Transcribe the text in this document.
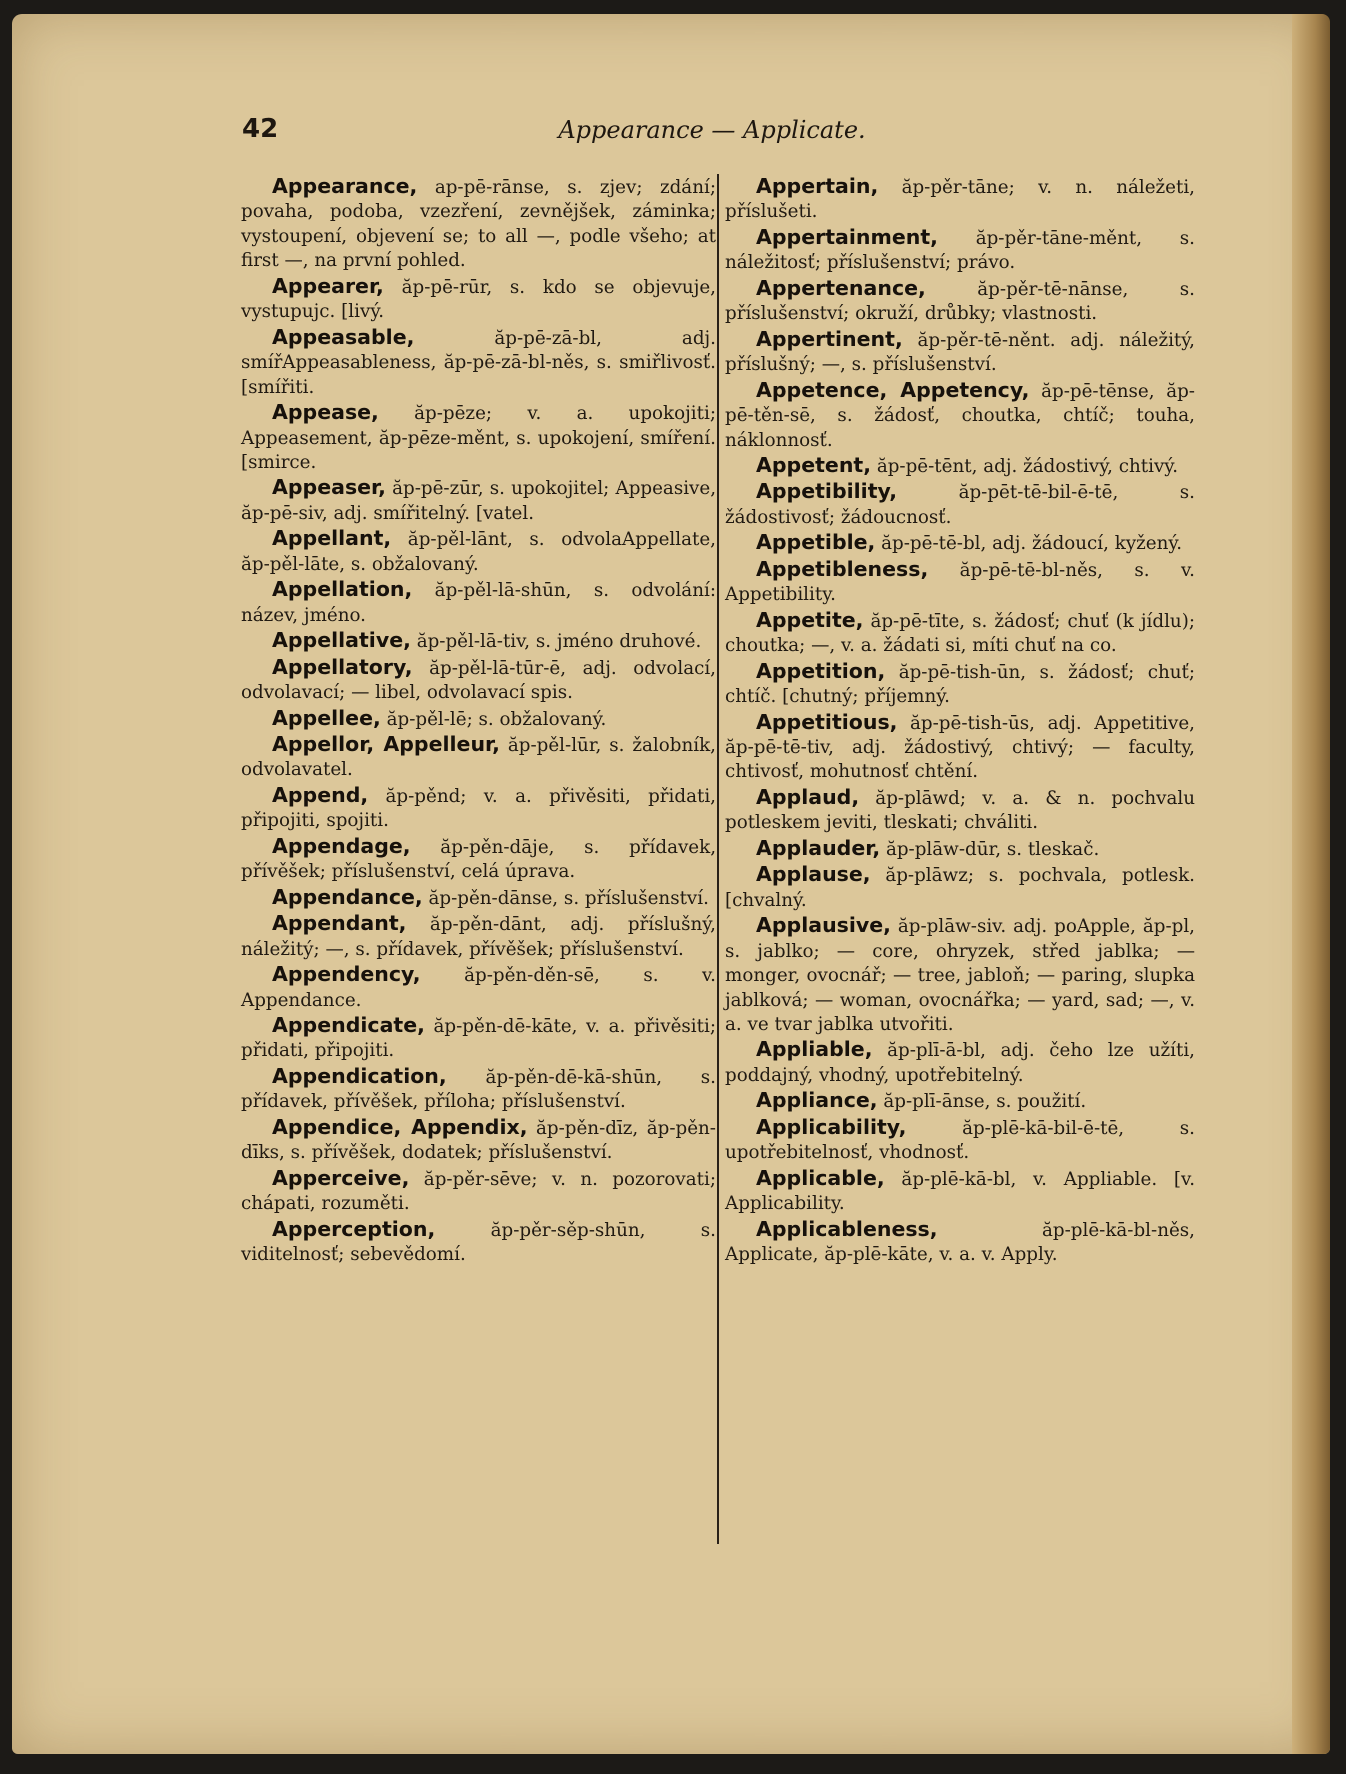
42	Appearance — Applicate.

Appearance, ap-pē-rānse, s. zjev; zdání; povaha, podoba, vzezření, zevnějšek, záminka; vystoupení, objevení se; to all —, podle všeho; at first —, na první pohled.

Appearer, ăp-pē-rūr, s. kdo se objevuje, vystupujc. [livý.

Appeasable, ăp-pē-zā-bl, adj. smířAppeasableness, ăp-pē-zā-bl-něs, s. smiřlivosť. [smířiti.

Appease, ăp-pēze; v. a. upokojiti; Appeasement, ăp-pēze-měnt, s. upokojení, smíření. [smirce.

Appeaser, ăp-pē-zūr, s. upokojitel; Appeasive, ăp-pē-siv, adj. smířitelný. [vatel.

Appellant, ăp-pěl-lānt, s. odvolaAppellate, ăp-pěl-lāte, s. obžalovaný.

Appellation, ăp-pěl-lā-shūn, s. odvolání: název, jméno.

Appellative, ăp-pěl-lā-tiv, s. jméno druhové.

Appellatory, ăp-pěl-lā-tūr-ē, adj. odvolací, odvolavací; — libel, odvolavací spis.

Appellee, ăp-pěl-lē; s. obžalovaný.

Appellor, Appelleur, ăp-pěl-lūr, s. žalobník, odvolavatel.

Append, ăp-pěnd; v. a. přivěsiti, přidati, připojiti, spojiti.

Appendage, ăp-pěn-dāje, s. přídavek, přívěšek; příslušenství, celá úprava.

Appendance, ăp-pěn-dānse, s. příslušenství.

Appendant, ăp-pěn-dānt, adj. příslušný, náležitý; —, s. přídavek, přívěšek; příslušenství.

Appendency, ăp-pěn-děn-sē, s. v. Appendance.

Appendicate, ăp-pěn-dē-kāte, v. a. přivěsiti; přidati, připojiti.

Appendication, ăp-pěn-dē-kā-shūn, s. přídavek, přívěšek, příloha; příslušenství.

Appendice, Appendix, ăp-pěn-dīz, ăp-pěn-dīks, s. přívěšek, dodatek; příslušenství.

Apperceive, ăp-pěr-sēve; v. n. pozorovati; chápati, rozuměti.

Apperception, ăp-pěr-sěp-shūn, s. viditelnosť; sebevědomí.

Appertain, ăp-pěr-tāne; v. n. náležeti, příslušeti.

Appertainment, ăp-pěr-tāne-měnt, s. náležitosť; příslušenství; právo.

Appertenance, ăp-pěr-tē-nānse, s. příslušenství; okruží, drůbky; vlastnosti.

Appertinent, ăp-pěr-tē-něnt. adj. náležitý, příslušný; —, s. příslušenství.

Appetence, Appetency, ăp-pē-tēnse, ăp-pē-těn-sē, s. žádosť, choutka, chtíč; touha, náklonnosť.

Appetent, ăp-pē-tēnt, adj. žádostivý, chtivý.

Appetibility, ăp-pēt-tē-bil-ē-tē, s. žádostivosť; žádoucnosť.

Appetible, ăp-pē-tē-bl, adj. žádoucí, kyžený.

Appetibleness, ăp-pē-tē-bl-něs, s. v. Appetibility.

Appetite, ăp-pē-tīte, s. žádosť; chuť (k jídlu); choutka; —, v. a. žádati si, míti chuť na co.

Appetition, ăp-pē-tish-ūn, s. žádosť; chuť; chtíč. [chutný; příjemný.

Appetitious, ăp-pē-tish-ūs, adj. Appetitive, ăp-pē-tē-tiv, adj. žádostivý, chtivý; — faculty, chtivosť, mohutnosť chtění.

Applaud, ăp-plāwd; v. a. & n. pochvalu potleskem jeviti, tleskati; chváliti.

Applauder, ăp-plāw-dūr, s. tleskač.

Applause, ăp-plāwz; s. pochvala, potlesk. [chvalný.

Applausive, ăp-plāw-siv. adj. poApple, ăp-pl, s. jablko; — core, ohryzek, střed jablka; — monger, ovocnář; — tree, jabloň; — paring, slupka jablková; — woman, ovocnářka; — yard, sad; —, v. a. ve tvar jablka utvořiti.

Appliable, ăp-plī-ā-bl, adj. čeho lze užíti, poddajný, vhodný, upotřebitelný.

Appliance, ăp-plī-ānse, s. použití.

Applicability, ăp-plē-kā-bil-ē-tē, s. upotřebitelnosť, vhodnosť.

Applicable, ăp-plē-kā-bl, v. Appliable. [v. Applicability.

Applicableness, ăp-plē-kā-bl-něs, Applicate, ăp-plē-kāte, v. a. v. Apply.
